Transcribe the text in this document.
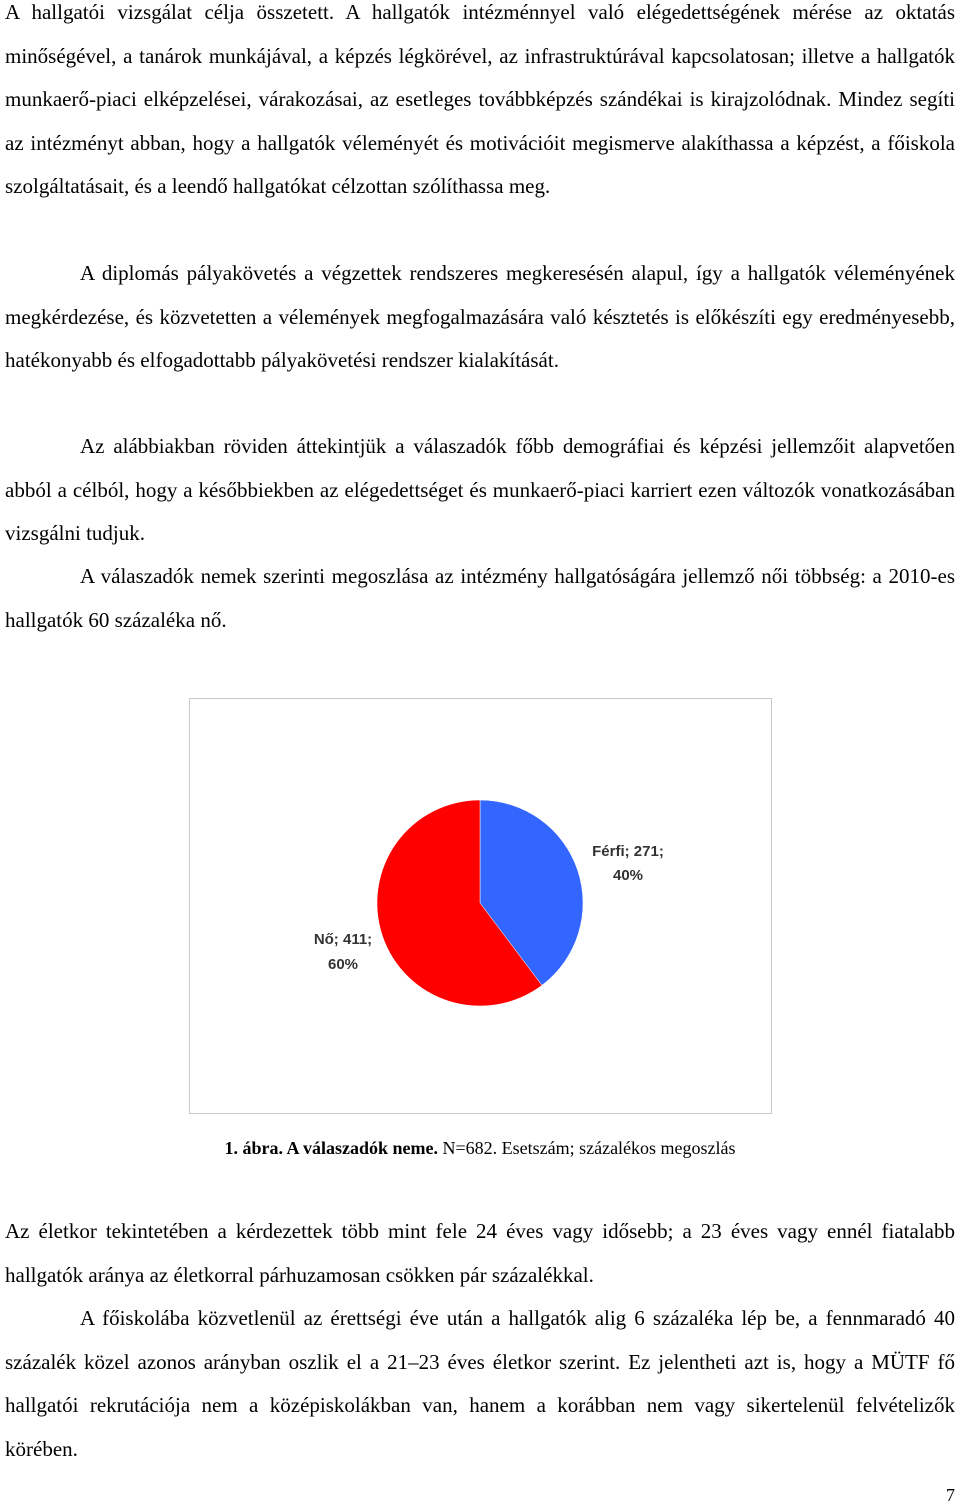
A hallgatói vizsgálat célja összetett. A hallgatók intézménnyel való elégedettségének mérése az oktatás minőségével, a tanárok munkájával, a képzés légkörével, az infrastruktúrával kapcsolatosan; illetve a hallgatók munkaerő-piaci elképzelései, várakozásai, az esetleges továbbképzés szándékai is kirajzolódnak. Mindez segíti az intézményt abban, hogy a hallgatók véleményét és motivációit megismerve alakíthassa a képzést, a főiskola szolgáltatásait, és a leendő hallgatókat célzottan szólíthassa meg.

A diplomás pályakövetés a végzettek rendszeres megkeresésén alapul, így a hallgatók véleményének megkérdezése, és közvetetten a vélemények megfogalmazására való késztetés is előkészíti egy eredményesebb, hatékonyabb és elfogadottabb pályakövetési rendszer kialakítását.

Az alábbiakban röviden áttekintjük a válaszadók főbb demográfiai és képzési jellemzőit alapvetően abból a célból, hogy a későbbiekben az elégedettséget és munkaerő-piaci karriert ezen változók vonatkozásában vizsgálni tudjuk.

A válaszadók nemek szerinti megoszlása az intézmény hallgatóságára jellemző női többség: a 2010-es hallgatók 60 százaléka nő.

Férfi; 271;
40%
Nő; 411;
60%
1. ábra. A válaszadók neme. N=682. Esetszám; százalékos megoszlás

Az életkor tekintetében a kérdezettek több mint fele 24 éves vagy idősebb; a 23 éves vagy ennél fiatalabb hallgatók aránya az életkorral párhuzamosan csökken pár százalékkal.

A főiskolába közvetlenül az érettségi éve után a hallgatók alig 6 százaléka lép be, a fennmaradó 40 százalék közel azonos arányban oszlik el a 21–23 éves életkor szerint. Ez jelentheti azt is, hogy a MÜTF fő hallgatói rekrutációja nem a középiskolákban van, hanem a korábban nem vagy sikertelenül felvételizők körében.

7
